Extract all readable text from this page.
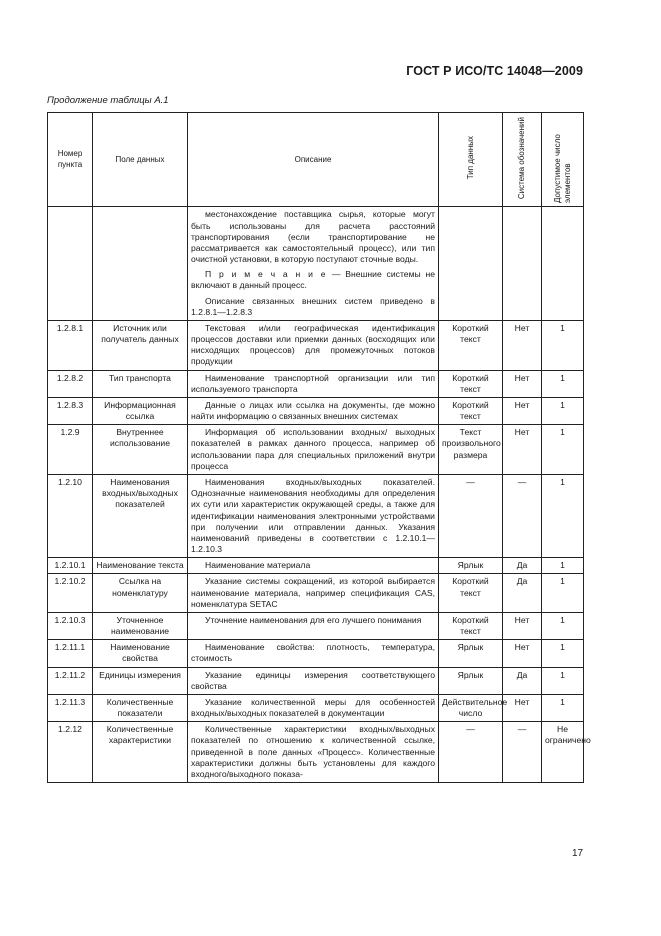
ГОСТ Р ИСО/ТС 14048—2009
Продолжение таблицы А.1
Номер пункта	Поле данных	Описание	Тип данных	Система обозначений	Допустимое число элементов

		местонахождение поставщика сырья, которые могут быть использованы для расчета расстояний транспортирования (если транспортирование не рассматривается как самостоятельный процесс), или тип очистной установки, в которую поступают сточные воды.

П р и м е ч а н и е — Внешние системы не включают в данный процесс.

Описание связанных внешних систем приведено в 1.2.8.1—1.2.8.3			

1.2.8.1	Источник или получатель данных	Текстовая и/или географическая идентификация процессов доставки или приемки данных (восходящих или нисходящих процессов) для промежуточных потоков продукции	Короткий текст	Нет	1
1.2.8.2	Тип транспорта	Наименование транспортной организации или тип используемого транспорта	Короткий текст	Нет	1
1.2.8.3	Информационная ссылка	Данные о лицах или ссылка на документы, где можно найти информацию о связанных внешних системах	Короткий текст	Нет	1
1.2.9	Внутреннее использование	Информация об использовании входных/ выходных показателей в рамках данного процесса, например об использовании пара для специальных приложений внутри процесса	Текст произвольного размера	Нет	1
1.2.10	Наименования входных/выходных показателей	Наименования входных/выходных показателей. Однозначные наименования необходимы для определения их сути или характеристик окружающей среды, а также для идентификации наименования электронными устройствами при получении или отправлении данных. Указания наименований приведены в соответствии с 1.2.10.1—1.2.10.3	—	—	1
1.2.10.1	Наименование текста	Наименование материала	Ярлык	Да	1
1.2.10.2	Ссылка на номенклатуру	Указание системы сокращений, из которой выбирается наименование материала, например спецификация CAS, номенклатура SETAC	Короткий текст	Да	1
1.2.10.3	Уточненное наименование	Уточнение наименования для его лучшего понимания	Короткий текст	Нет	1
1.2.11.1	Наименование свойства	Наименование свойства: плотность, температура, стоимость	Ярлык	Нет	1
1.2.11.2	Единицы измерения	Указание единицы измерения соответствующего свойства	Ярлык	Да	1
1.2.11.3	Количественные показатели	Указание количественной меры для особенностей входных/выходных показателей в документации	Действительное число	Нет	1
1.2.12	Количественные характеристики	Количественные характеристики входных/выходных показателей по отношению к количественной ссылке, приведенной в поле данных «Процесс». Количественные характеристики должны быть установлены для каждого входного/выходного показа-	—	—	Не ограничено
17
